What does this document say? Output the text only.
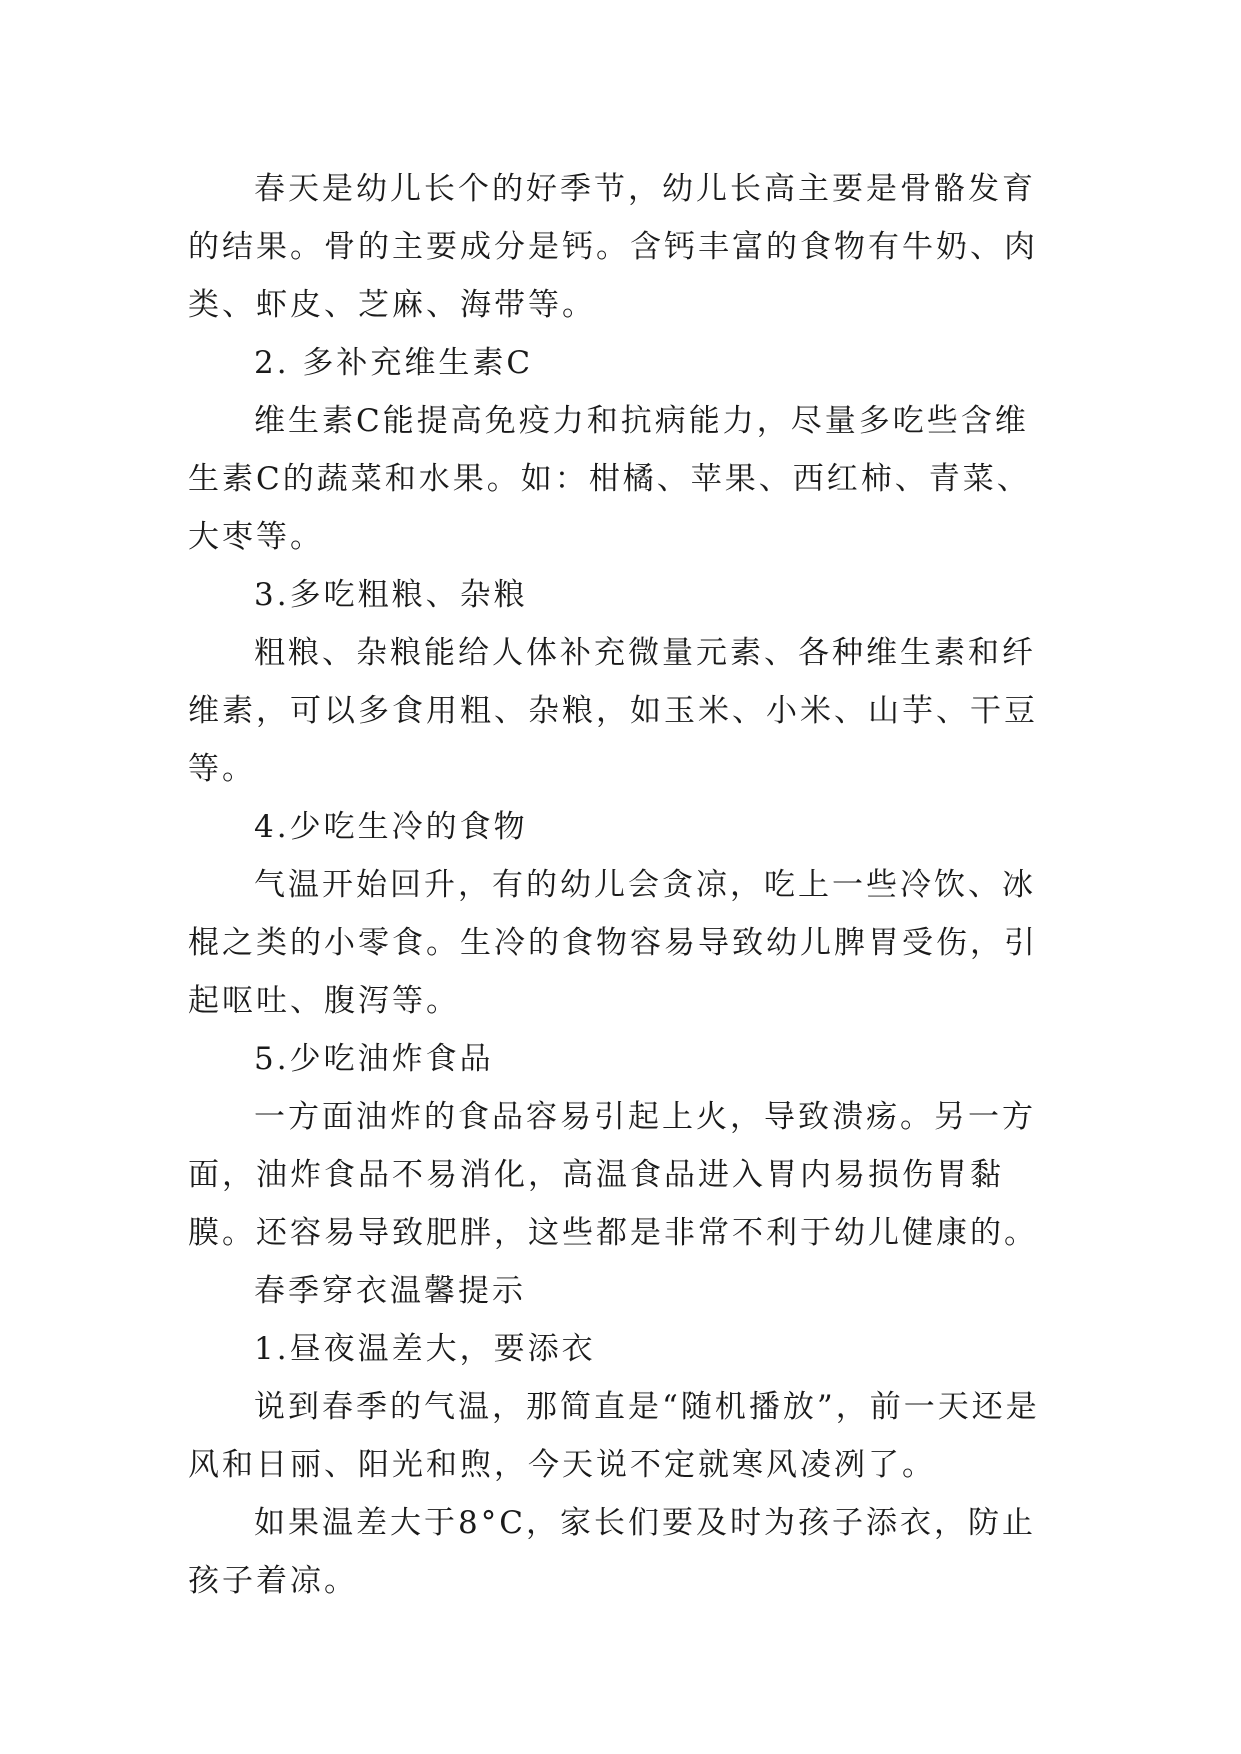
春天是幼儿长个的好季节，幼儿长高主要是骨骼发育的结果。骨的主要成分是钙。含钙丰富的食物有牛奶、肉类、虾皮、芝麻、海带等。

2. 多补充维生素C

维生素C能提高免疫力和抗病能力，尽量多吃些含维生素C的蔬菜和水果。如：柑橘、苹果、西红柿、青菜、大枣等。

3.多吃粗粮、杂粮

粗粮、杂粮能给人体补充微量元素、各种维生素和纤维素，可以多食用粗、杂粮，如玉米、小米、山芋、干豆等。

4.少吃生冷的食物

气温开始回升，有的幼儿会贪凉，吃上一些冷饮、冰棍之类的小零食。生冷的食物容易导致幼儿脾胃受伤，引起呕吐、腹泻等。

5.少吃油炸食品

一方面油炸的食品容易引起上火，导致溃疡。另一方面，油炸食品不易消化，高温食品进入胃内易损伤胃黏膜。还容易导致肥胖，这些都是非常不利于幼儿健康的。

春季穿衣温馨提示

1.昼夜温差大，要添衣

说到春季的气温，那简直是“随机播放”，前一天还是风和日丽、阳光和煦，今天说不定就寒风凌冽了。

如果温差大于8°C，家长们要及时为孩子添衣，防止孩子着凉。
